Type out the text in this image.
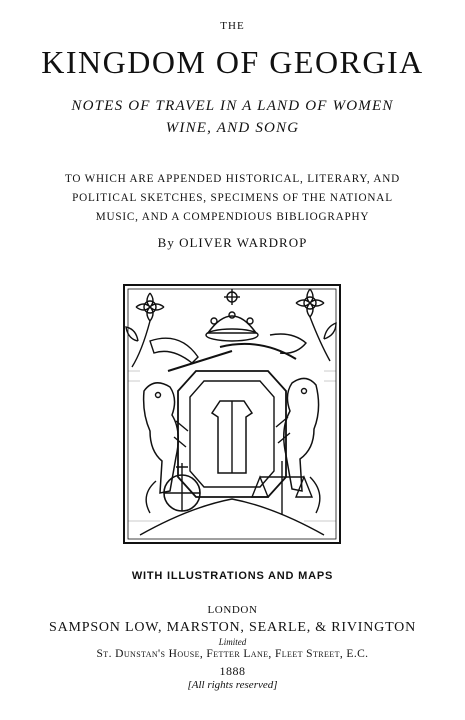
THE
KINGDOM OF GEORGIA
NOTES OF TRAVEL IN A LAND OF WOMEN
WINE, AND SONG
TO WHICH ARE APPENDED HISTORICAL, LITERARY, AND
POLITICAL SKETCHES, SPECIMENS OF THE NATIONAL
MUSIC, AND A COMPENDIOUS BIBLIOGRAPHY
By OLIVER WARDROP
WITH ILLUSTRATIONS AND MAPS
LONDON
SAMPSON LOW, MARSTON, SEARLE, & RIVINGTON
Limited
St. Dunstan's House, Fetter Lane, Fleet Street, E.C.
1888
[All rights reserved]
